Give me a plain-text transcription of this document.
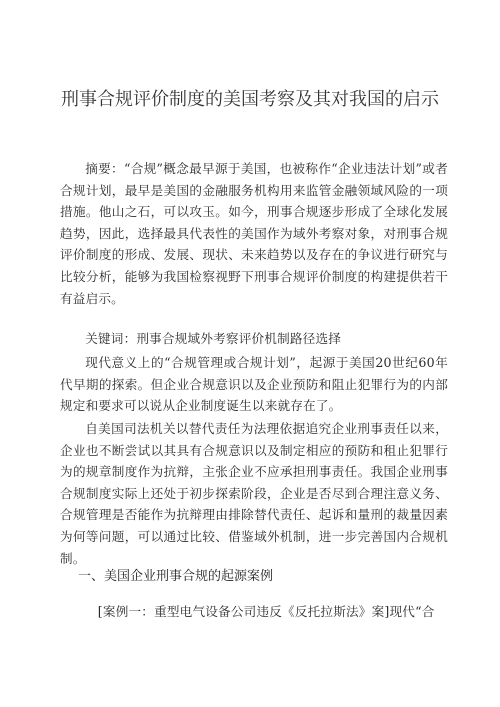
刑事合规评价制度的美国考察及其对我国的启示

摘要：“合规”概念最早源于美国，也被称作“企业违法计划”或者合规计划，最早是美国的金融服务机构用来监管金融领域风险的一项措施。他山之石，可以攻玉。如今，刑事合规逐步形成了全球化发展趋势，因此，选择最具代表性的美国作为域外考察对象，对刑事合规评价制度的形成、发展、现状、未来趋势以及存在的争议进行研究与比较分析，能够为我国检察视野下刑事合规评价制度的构建提供若干有益启示。

关键词：刑事合规域外考察评价机制路径选择

现代意义上的“合规管理或合规计划”，起源于美国20世纪60年代早期的探索。但企业合规意识以及企业预防和阻止犯罪行为的内部规定和要求可以说从企业制度诞生以来就存在了。

自美国司法机关以替代责任为法理依据追究企业刑事责任以来，企业也不断尝试以其具有合规意识以及制定相应的预防和租止犯罪行为的规章制度作为抗辩，主张企业不应承担刑事责任。我国企业刑事合规制度实际上还处于初步探索阶段，企业是否尽到合理注意义务、合规管理是否能作为抗辩理由排除替代责任、起诉和量刑的裁量因素为何等问题，可以通过比较、借鉴域外机制，进一步完善国内合规机制。

一、美国企业刑事合规的起源案例

[案例一：重型电气设备公司违反《反托拉斯法》案]现代“合
